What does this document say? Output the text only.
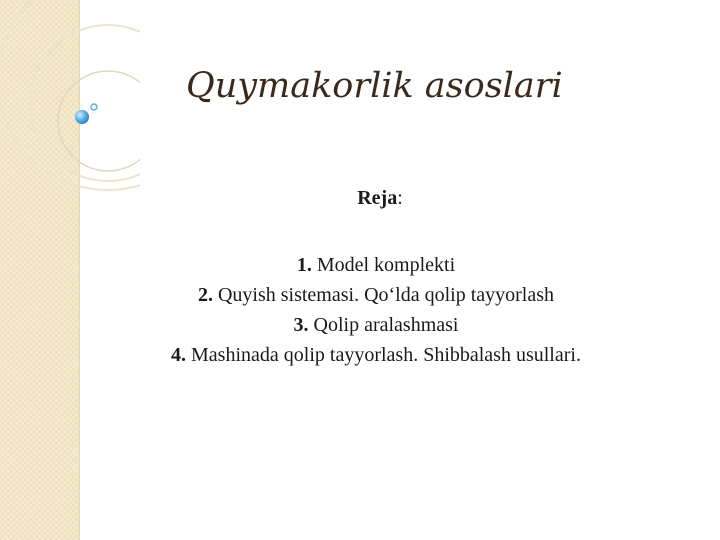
Quymakorlik asoslari
Reja:
1. Model komplekti
2. Quyish sistemasi. Qo‘lda qolip tayyorlash
3. Qolip aralashmasi
4. Mashinada qolip tayyorlash. Shibbalash usullari.
